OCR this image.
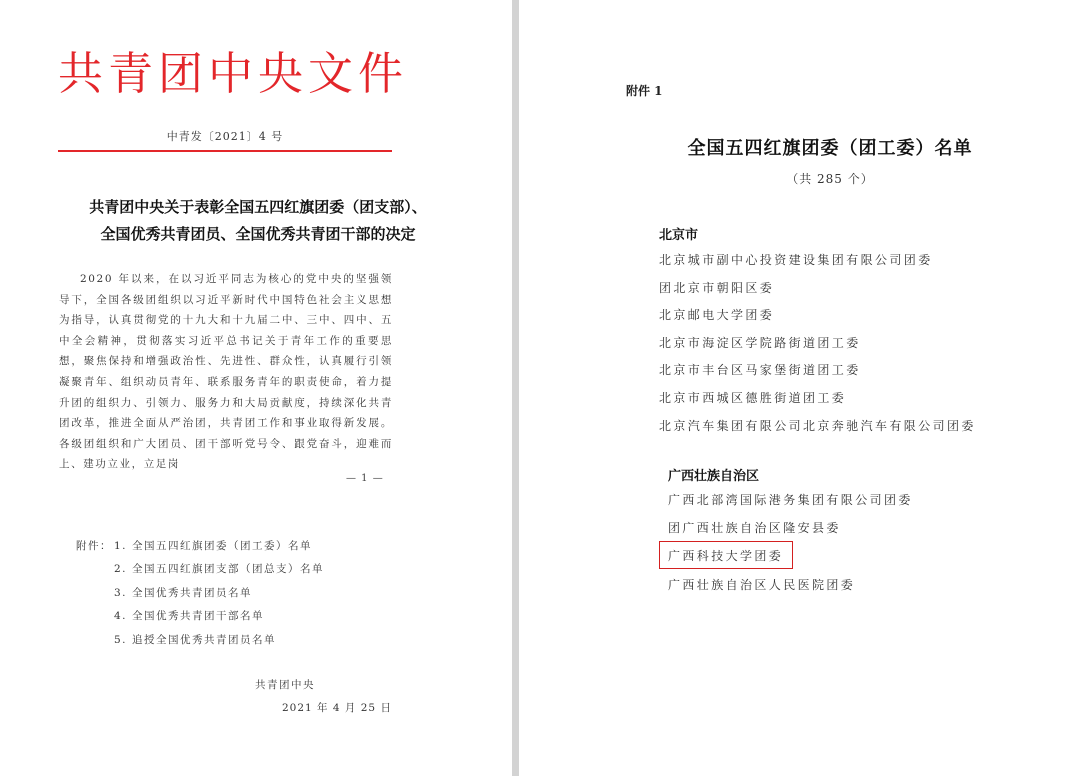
共青团中央文件
中青发〔2021〕4 号
共青团中央关于表彰全国五四红旗团委（团支部）、
全国优秀共青团员、全国优秀共青团干部的决定

2020 年以来，在以习近平同志为核心的党中央的坚强领导下，全国各级团组织以习近平新时代中国特色社会主义思想为指导，认真贯彻党的十九大和十九届二中、三中、四中、五中全会精神，贯彻落实习近平总书记关于青年工作的重要思想，聚焦保持和增强政治性、先进性、群众性，认真履行引领凝聚青年、组织动员青年、联系服务青年的职责使命，着力提升团的组织力、引领力、服务力和大局贡献度，持续深化共青团改革，推进全面从严治团，共青团工作和事业取得新发展。各级团组织和广大团员、团干部听党号令、跟党奋斗，迎难而上、建功立业，立足岗

— 1 —
附件： 1. 全国五四红旗团委（团工委）名单
2. 全国五四红旗团支部（团总支）名单
3. 全国优秀共青团员名单
4. 全国优秀共青团干部名单
5. 追授全国优秀共青团员名单
共青团中央
2021 年 4 月 25 日
附件 1
全国五四红旗团委（团工委）名单
（共 285 个）
北京市
北京城市副中心投资建设集团有限公司团委
团北京市朝阳区委
北京邮电大学团委
北京市海淀区学院路街道团工委
北京市丰台区马家堡街道团工委
北京市西城区德胜街道团工委
北京汽车集团有限公司北京奔驰汽车有限公司团委
广西壮族自治区
广西北部湾国际港务集团有限公司团委
团广西壮族自治区隆安县委
广西科技大学团委
广西壮族自治区人民医院团委
